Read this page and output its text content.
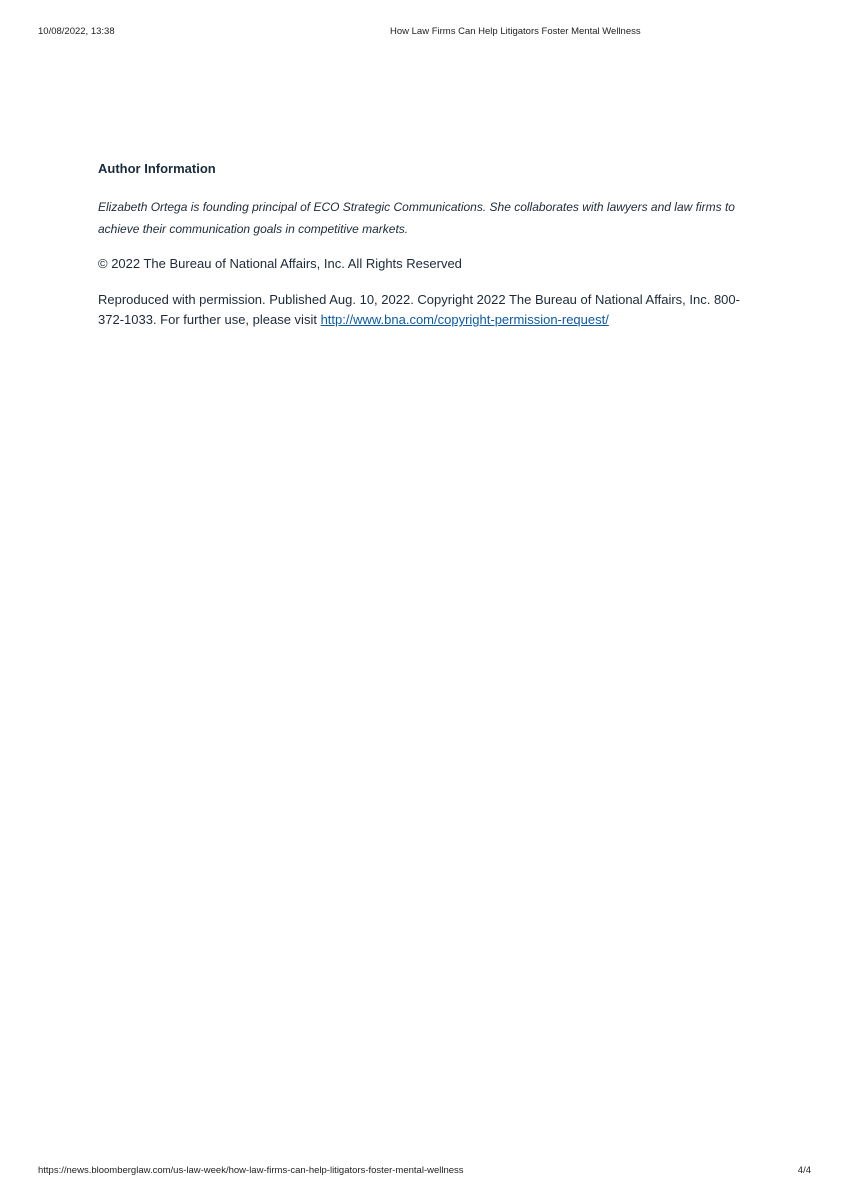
10/08/2022, 13:38	How Law Firms Can Help Litigators Foster Mental Wellness
Author Information

Elizabeth Ortega is founding principal of ECO Strategic Communications. She collaborates with lawyers and law firms to achieve their communication goals in competitive markets.

© 2022 The Bureau of National Affairs, Inc. All Rights Reserved

Reproduced with permission. Published Aug. 10, 2022. Copyright 2022 The Bureau of National Affairs, Inc. 800-372-1033. For further use, please visit http://www.bna.com/copyright-permission-request/

https://news.bloomberglaw.com/us-law-week/how-law-firms-can-help-litigators-foster-mental-wellness	4/4
